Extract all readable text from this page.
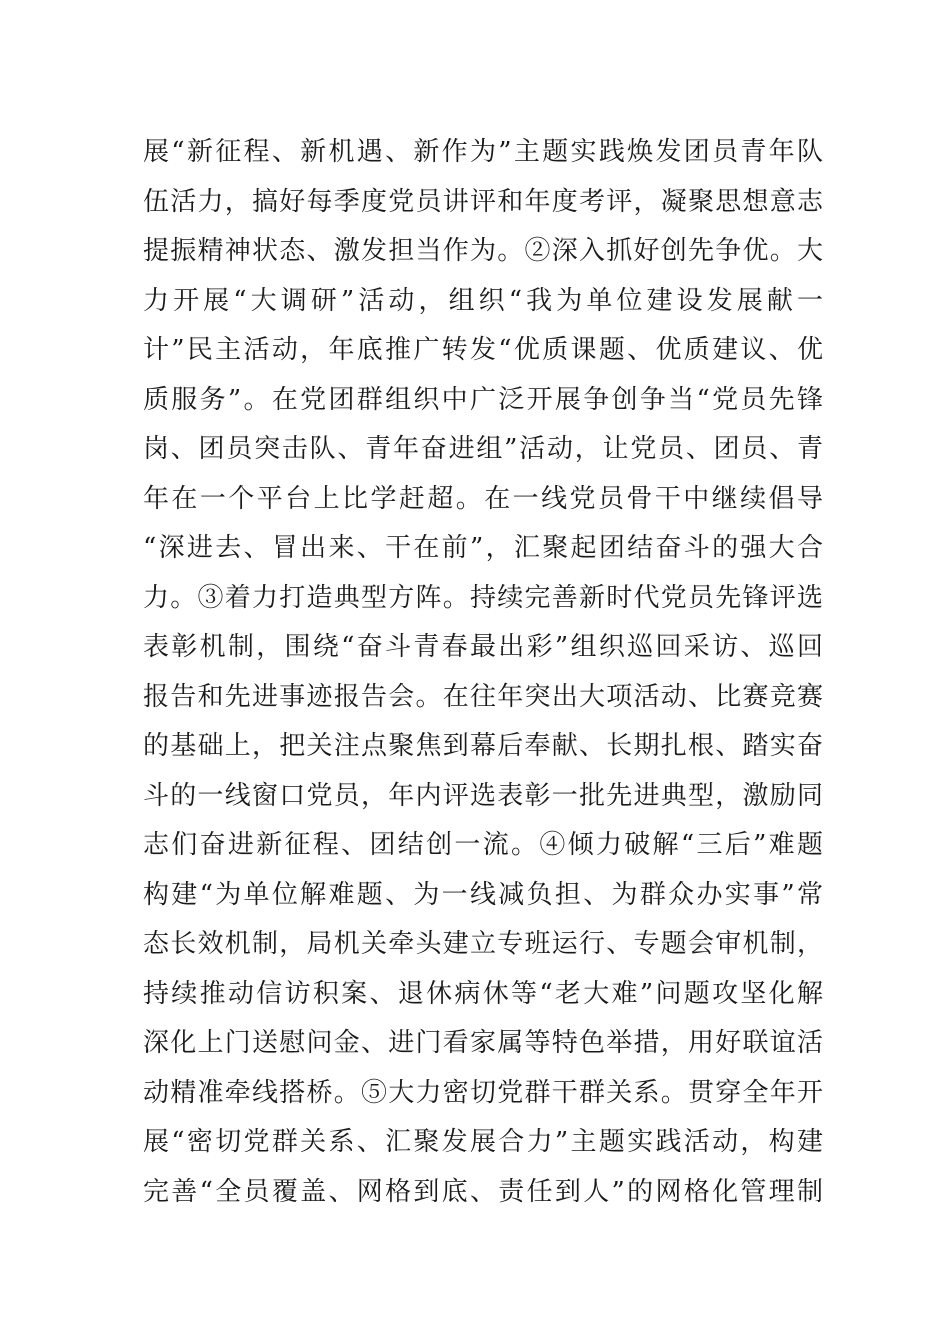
展“新征程、新机遇、新作为”主题实践焕发团员青年队
伍活力，搞好每季度党员讲评和年度考评，凝聚思想意志
提振精神状态、激发担当作为。②深入抓好创先争优。大
力开展“大调研”活动，组织“我为单位建设发展献一
计”民主活动，年底推广转发“优质课题、优质建议、优
质服务”。在党团群组织中广泛开展争创争当“党员先锋
岗、团员突击队、青年奋进组”活动，让党员、团员、青
年在一个平台上比学赶超。在一线党员骨干中继续倡导
“深进去、冒出来、干在前”，汇聚起团结奋斗的强大合
力。③着力打造典型方阵。持续完善新时代党员先锋评选
表彰机制，围绕“奋斗青春最出彩”组织巡回采访、巡回
报告和先进事迹报告会。在往年突出大项活动、比赛竞赛
的基础上，把关注点聚焦到幕后奉献、长期扎根、踏实奋
斗的一线窗口党员，年内评选表彰一批先进典型，激励同
志们奋进新征程、团结创一流。④倾力破解“三后”难题
构建“为单位解难题、为一线减负担、为群众办实事”常
态长效机制，局机关牵头建立专班运行、专题会审机制，
持续推动信访积案、退休病休等“老大难”问题攻坚化解
深化上门送慰问金、进门看家属等特色举措，用好联谊活
动精准牵线搭桥。⑤大力密切党群干群关系。贯穿全年开
展“密切党群关系、汇聚发展合力”主题实践活动，构建
完善“全员覆盖、网格到底、责任到人”的网格化管理制
